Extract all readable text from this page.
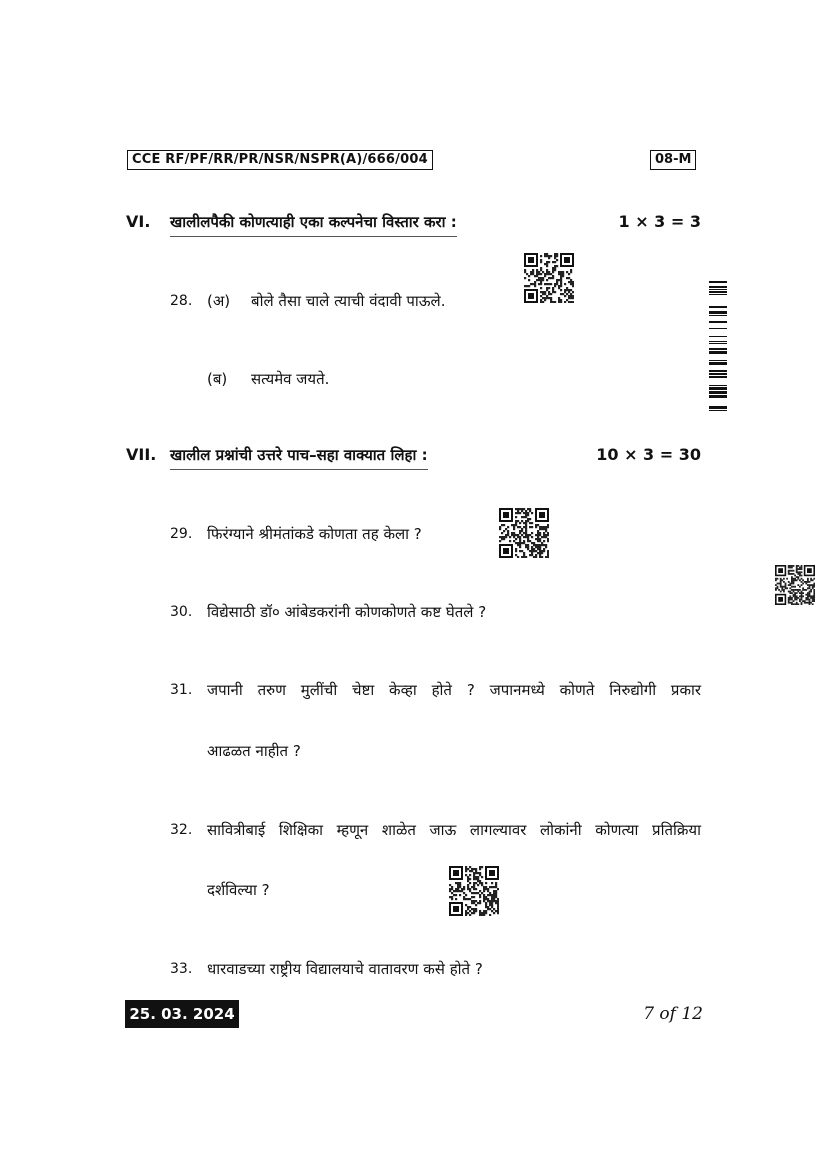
CCE RF/PF/RR/PR/NSR/NSPR(A)/666/004	08-M
VI. खालीलपैकी कोणत्याही एका कल्पनेचा विस्तार करा :	1 × 3 = 3
28. (अ) बोले तैसा चाले त्याची वंदावी पाऊले.
(ब) सत्यमेव जयते.
VII. खालील प्रश्नांची उत्तरे पाच–सहा वाक्यात लिहा :	10 × 3 = 30
29. फिरंग्याने श्रीमंतांकडे कोणता तह केला ?
30. विद्येसाठी डॉ० आंबेडकरांनी कोणकोणते कष्ट घेतले ?
31. जपानी तरुण मुलींची चेष्टा केव्हा होते ? जपानमध्ये कोणते निरुद्योगी प्रकार
आढळत नाहीत ?
32. सावित्रीबाई शिक्षिका म्हणून शाळेत जाऊ लागल्यावर लोकांनी कोणत्या प्रतिक्रिया
दर्शविल्या ?
33. धारवाडच्या राष्ट्रीय विद्यालयाचे वातावरण कसे होते ?
25. 03. 2024	7 of 12
